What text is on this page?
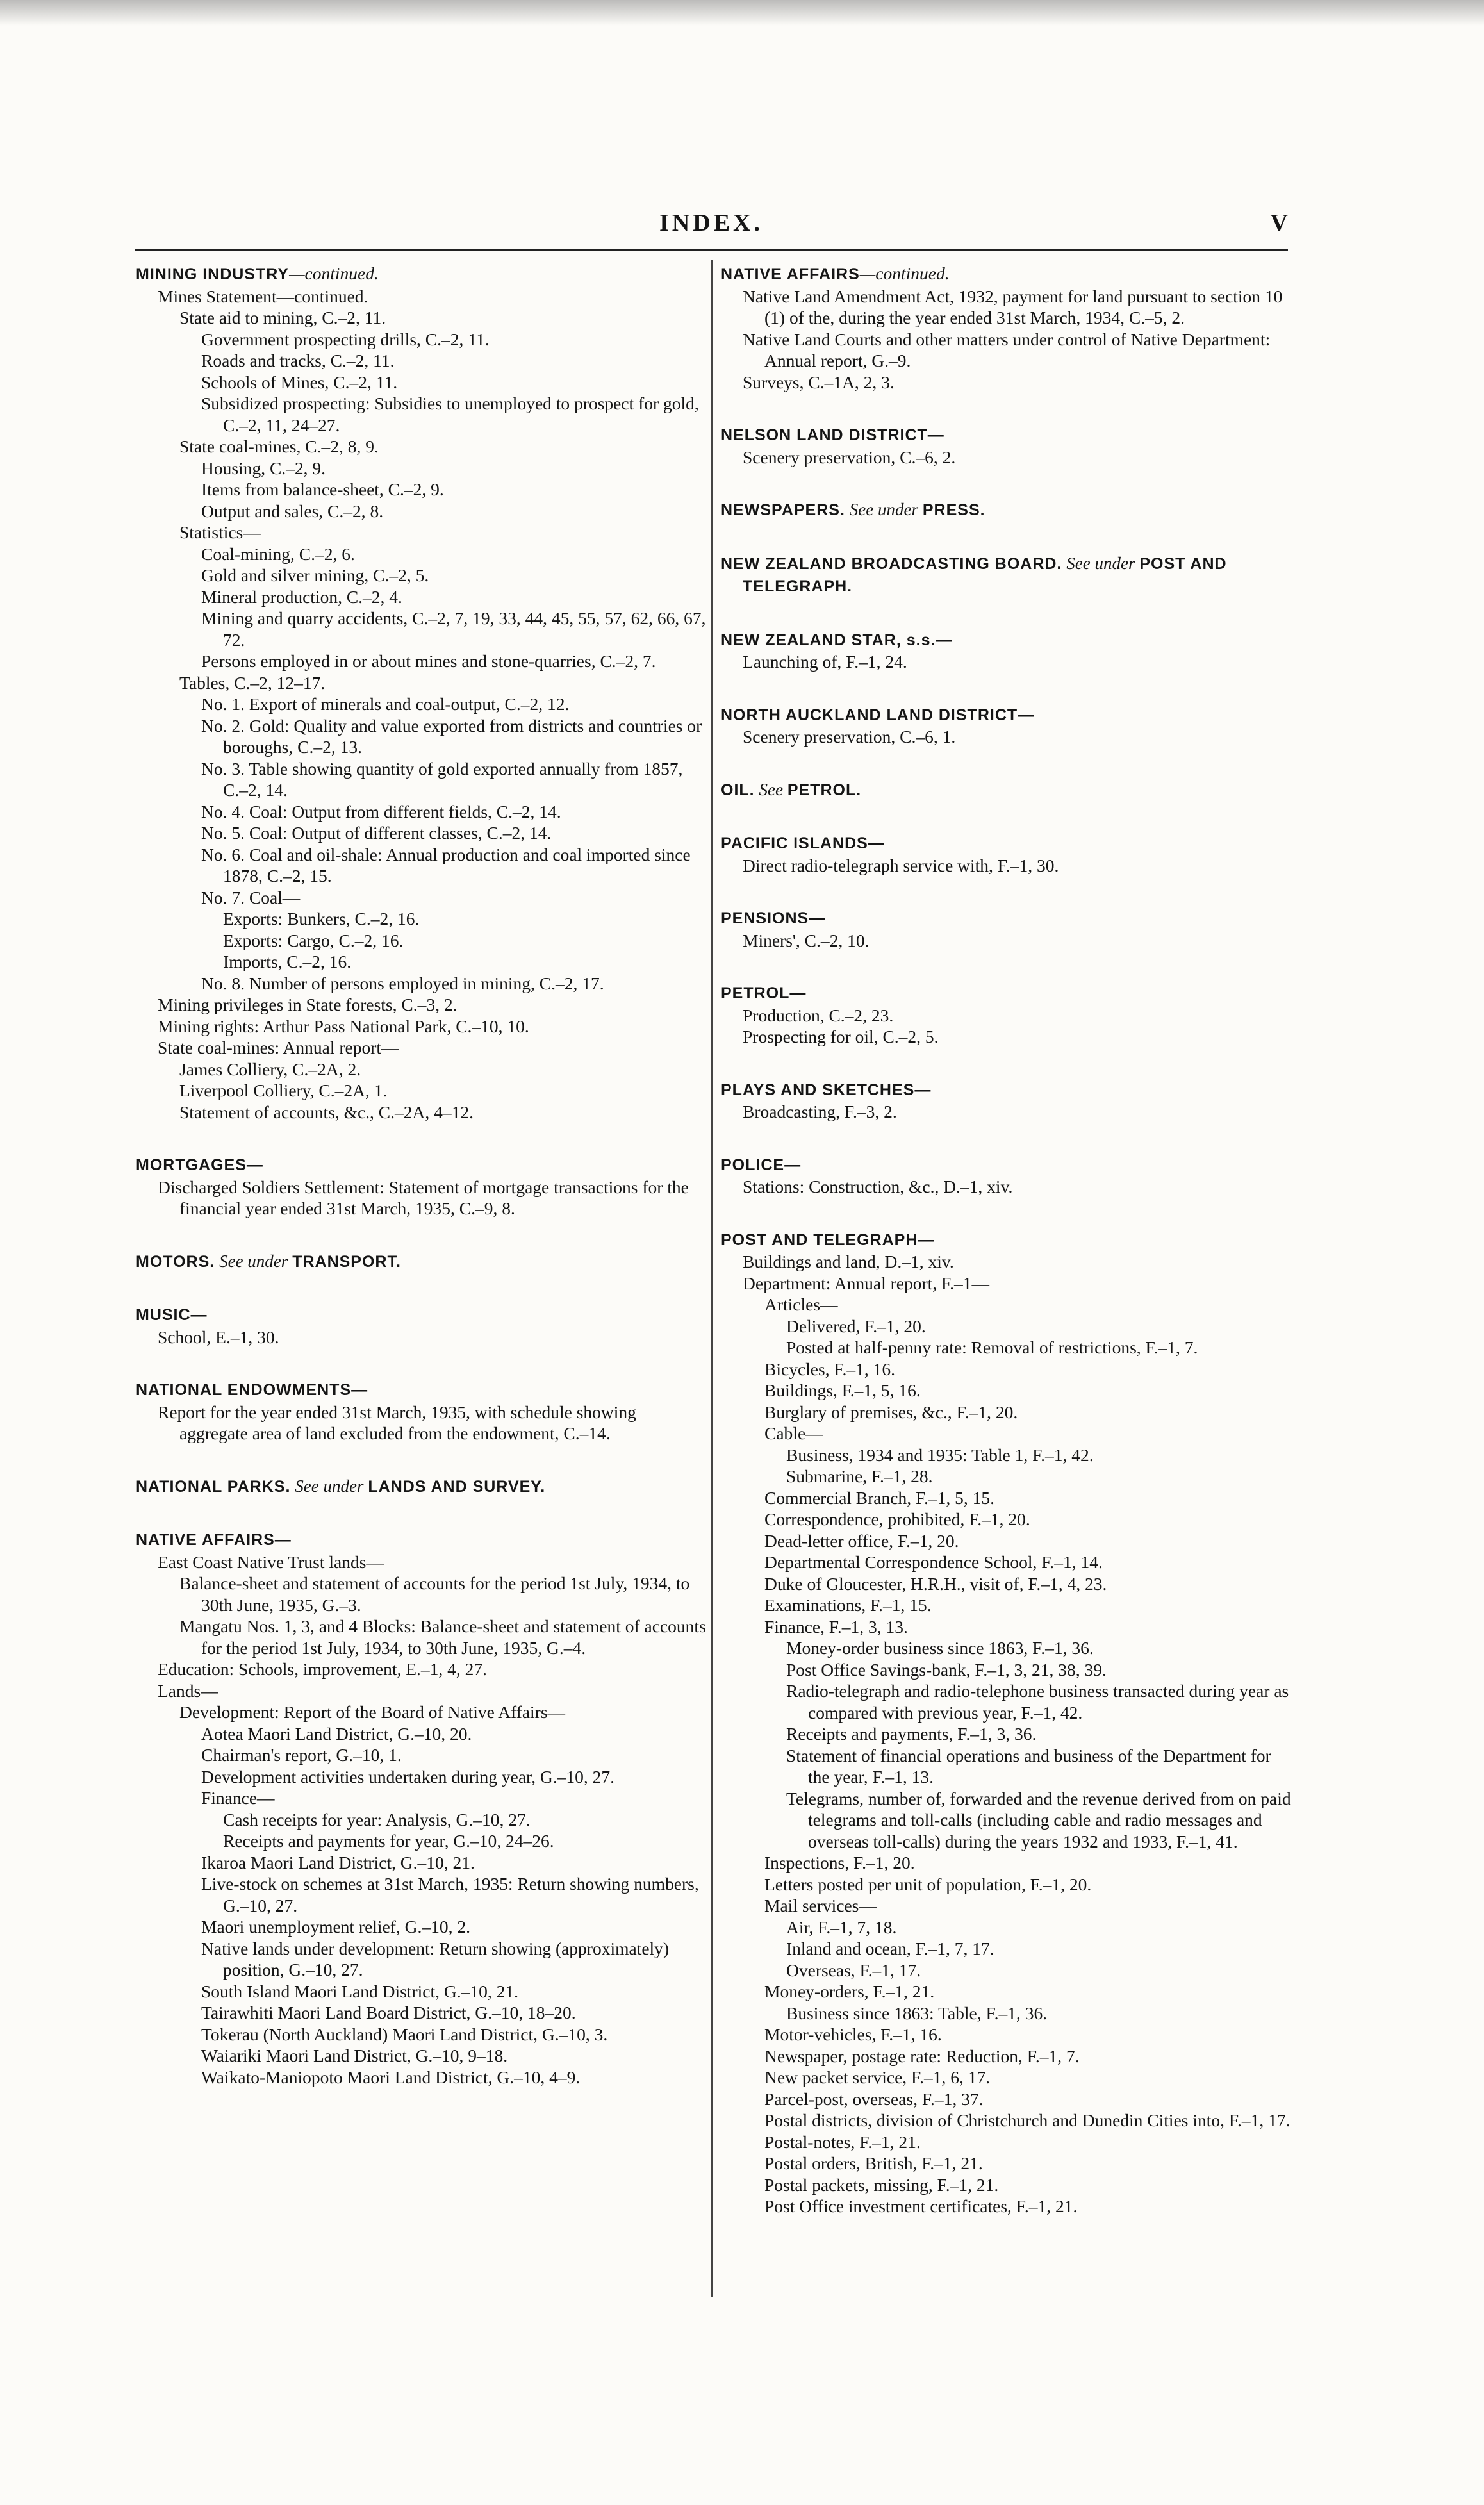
INDEX.	V
MINING INDUSTRY—continued.
Mines Statement—continued.
State aid to mining, C.–2, 11.
Government prospecting drills, C.–2, 11.
Roads and tracks, C.–2, 11.
Schools of Mines, C.–2, 11.
Subsidized prospecting: Subsidies to unemployed to prospect for gold, C.–2, 11, 24–27.
State coal-mines, C.–2, 8, 9.
Housing, C.–2, 9.
Items from balance-sheet, C.–2, 9.
Output and sales, C.–2, 8.
Statistics—
Coal-mining, C.–2, 6.
Gold and silver mining, C.–2, 5.
Mineral production, C.–2, 4.
Mining and quarry accidents, C.–2, 7, 19, 33, 44, 45, 55, 57, 62, 66, 67, 72.
Persons employed in or about mines and stone-quarries, C.–2, 7.
Tables, C.–2, 12–17.
No. 1. Export of minerals and coal-output, C.–2, 12.
No. 2. Gold: Quality and value exported from districts and countries or boroughs, C.–2, 13.
No. 3. Table showing quantity of gold exported annually from 1857, C.–2, 14.
No. 4. Coal: Output from different fields, C.–2, 14.
No. 5. Coal: Output of different classes, C.–2, 14.
No. 6. Coal and oil-shale: Annual production and coal imported since 1878, C.–2, 15.
No. 7. Coal—
Exports: Bunkers, C.–2, 16.
Exports: Cargo, C.–2, 16.
Imports, C.–2, 16.
No. 8. Number of persons employed in mining, C.–2, 17.
Mining privileges in State forests, C.–3, 2.
Mining rights: Arthur Pass National Park, C.–10, 10.
State coal-mines: Annual report—
James Colliery, C.–2A, 2.
Liverpool Colliery, C.–2A, 1.
Statement of accounts, &c., C.–2A, 4–12.
MORTGAGES—
Discharged Soldiers Settlement: Statement of mortgage transactions for the financial year ended 31st March, 1935, C.–9, 8.
MOTORS. See under TRANSPORT.
MUSIC—
School, E.–1, 30.
NATIONAL ENDOWMENTS—
Report for the year ended 31st March, 1935, with schedule showing aggregate area of land excluded from the endowment, C.–14.
NATIONAL PARKS. See under LANDS AND SURVEY.
NATIVE AFFAIRS—
East Coast Native Trust lands—
Balance-sheet and statement of accounts for the period 1st July, 1934, to 30th June, 1935, G.–3.
Mangatu Nos. 1, 3, and 4 Blocks: Balance-sheet and statement of accounts for the period 1st July, 1934, to 30th June, 1935, G.–4.
Education: Schools, improvement, E.–1, 4, 27.
Lands—
Development: Report of the Board of Native Affairs—
Aotea Maori Land District, G.–10, 20.
Chairman's report, G.–10, 1.
Development activities undertaken during year, G.–10, 27.
Finance—
Cash receipts for year: Analysis, G.–10, 27.
Receipts and payments for year, G.–10, 24–26.
Ikaroa Maori Land District, G.–10, 21.
Live-stock on schemes at 31st March, 1935: Return showing numbers, G.–10, 27.
Maori unemployment relief, G.–10, 2.
Native lands under development: Return showing (approximately) position, G.–10, 27.
South Island Maori Land District, G.–10, 21.
Tairawhiti Maori Land Board District, G.–10, 18–20.
Tokerau (North Auckland) Maori Land District, G.–10, 3.
Waiariki Maori Land District, G.–10, 9–18.
Waikato-Maniopoto Maori Land District, G.–10, 4–9.
NATIVE AFFAIRS—continued.
Native Land Amendment Act, 1932, payment for land pursuant to section 10 (1) of the, during the year ended 31st March, 1934, C.–5, 2.
Native Land Courts and other matters under control of Native Department: Annual report, G.–9.
Surveys, C.–1A, 2, 3.
NELSON LAND DISTRICT—
Scenery preservation, C.–6, 2.
NEWSPAPERS. See under PRESS.
NEW ZEALAND BROADCASTING BOARD. See under POST AND TELEGRAPH.
NEW ZEALAND STAR, s.s.—
Launching of, F.–1, 24.
NORTH AUCKLAND LAND DISTRICT—
Scenery preservation, C.–6, 1.
OIL. See PETROL.
PACIFIC ISLANDS—
Direct radio-telegraph service with, F.–1, 30.
PENSIONS—
Miners', C.–2, 10.
PETROL—
Production, C.–2, 23.
Prospecting for oil, C.–2, 5.
PLAYS AND SKETCHES—
Broadcasting, F.–3, 2.
POLICE—
Stations: Construction, &c., D.–1, xiv.
POST AND TELEGRAPH—
Buildings and land, D.–1, xiv.
Department: Annual report, F.–1—
Articles—
Delivered, F.–1, 20.
Posted at half-penny rate: Removal of restrictions, F.–1, 7.
Bicycles, F.–1, 16.
Buildings, F.–1, 5, 16.
Burglary of premises, &c., F.–1, 20.
Cable—
Business, 1934 and 1935: Table 1, F.–1, 42.
Submarine, F.–1, 28.
Commercial Branch, F.–1, 5, 15.
Correspondence, prohibited, F.–1, 20.
Dead-letter office, F.–1, 20.
Departmental Correspondence School, F.–1, 14.
Duke of Gloucester, H.R.H., visit of, F.–1, 4, 23.
Examinations, F.–1, 15.
Finance, F.–1, 3, 13.
Money-order business since 1863, F.–1, 36.
Post Office Savings-bank, F.–1, 3, 21, 38, 39.
Radio-telegraph and radio-telephone business transacted during year as compared with previous year, F.–1, 42.
Receipts and payments, F.–1, 3, 36.
Statement of financial operations and business of the Department for the year, F.–1, 13.
Telegrams, number of, forwarded and the revenue derived from on paid telegrams and toll-calls (including cable and radio messages and overseas toll-calls) during the years 1932 and 1933, F.–1, 41.
Inspections, F.–1, 20.
Letters posted per unit of population, F.–1, 20.
Mail services—
Air, F.–1, 7, 18.
Inland and ocean, F.–1, 7, 17.
Overseas, F.–1, 17.
Money-orders, F.–1, 21.
Business since 1863: Table, F.–1, 36.
Motor-vehicles, F.–1, 16.
Newspaper, postage rate: Reduction, F.–1, 7.
New packet service, F.–1, 6, 17.
Parcel-post, overseas, F.–1, 37.
Postal districts, division of Christchurch and Dunedin Cities into, F.–1, 17.
Postal-notes, F.–1, 21.
Postal orders, British, F.–1, 21.
Postal packets, missing, F.–1, 21.
Post Office investment certificates, F.–1, 21.
